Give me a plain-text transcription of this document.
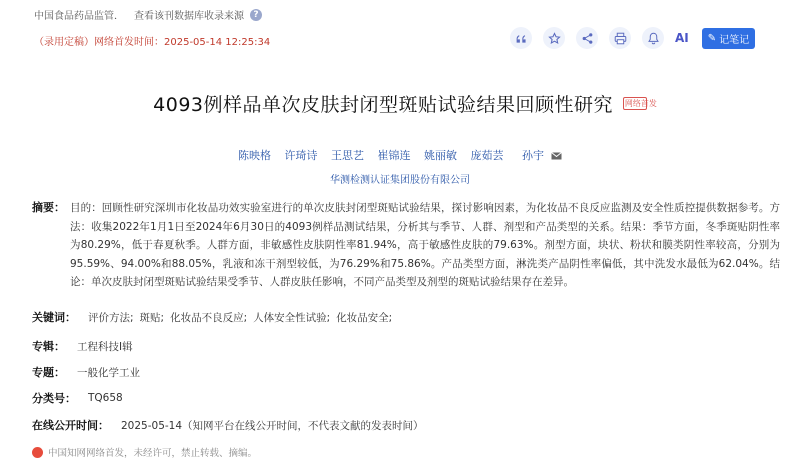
中国食品药品监管． 查看该刊数据库收录来源	?
（录用定稿）网络首发时间：2025-05-14 12:25:34	AI ✎ 记笔记
4093例样品单次皮肤封闭型斑贴试验结果回顾性研究 网络首发
陈映格 许琦诗 王思艺 崔锦连 姚丽敏 庞茹芸 孙宇
华测检测认证集团股份有限公司
摘要： 目的：回顾性研究深圳市化妆品功效实验室进行的单次皮肤封闭型斑贴试验结果，探讨影响因素，为化妆品不良反应监测及安全性质控提供数据参考。方法：收集2022年1月1日至2024年6月30日的4093例样品测试结果，分析其与季节、人群、剂型和产品类型的关系。结果：季节方面，冬季斑贴阴性率为80.29%，低于春夏秋季。人群方面，非敏感性皮肤阴性率81.94%，高于敏感性皮肤的79.63%。剂型方面，块状、粉状和膜类阴性率较高，分别为95.59%、94.00%和88.05%，乳液和冻干剂型较低，为76.29%和75.86%。产品类型方面，淋洗类产品阴性率偏低，其中洗发水最低为62.04%。结论：单次皮肤封闭型斑贴试验结果受季节、人群皮肤任影响，不同产品类型及剂型的斑贴试验结果存在差异。
关键词： 评价方法; 斑贴; 化妆品不良反应; 人体安全性试验; 化妆品安全;
专辑： 工程科技Ⅰ辑
专题： 一般化学工业
分类号： TQ658
在线公开时间： 2025-05-14（知网平台在线公开时间，不代表文献的发表时间）
中国知网网络首发，未经许可，禁止转载、摘编。
